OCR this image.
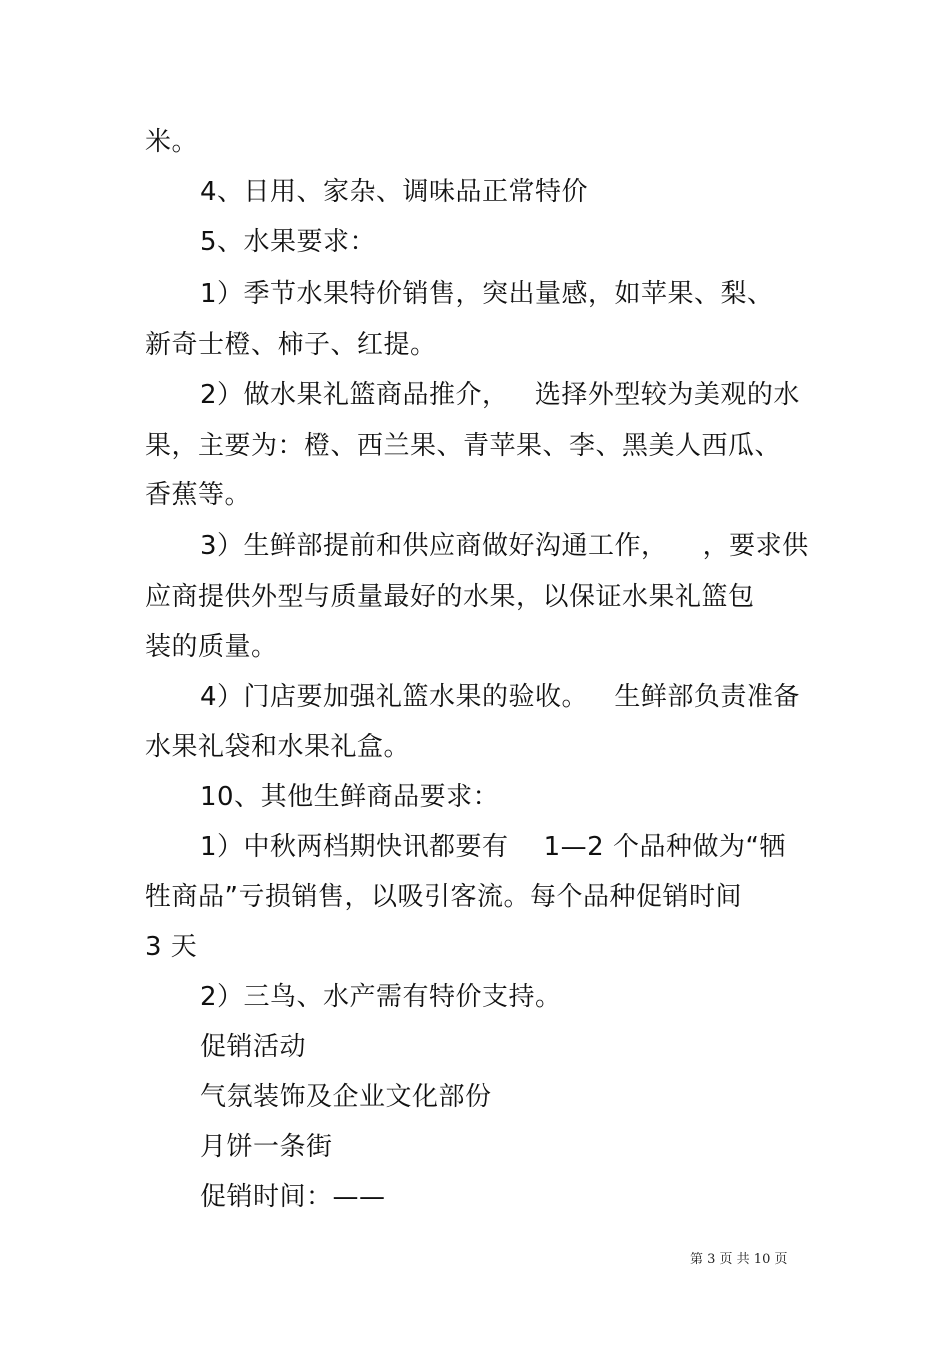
米。
4、日用、家杂、调味品正常特价
5、水果要求：
1）季节水果特价销售，突出量感，如苹果、梨、
新奇士橙、柿子、红提。
2）做水果礼篮商品推介，   选择外型较为美观的水
果，主要为：橙、西兰果、青苹果、李、黑美人西瓜、
香蕉等。
3）生鲜部提前和供应商做好沟通工作，    ，要求供
应商提供外型与质量最好的水果，以保证水果礼篮包
装的质量。
4）门店要加强礼篮水果的验收。   生鲜部负责准备
水果礼袋和水果礼盒。
10、其他生鲜商品要求：
1）中秋两档期快讯都要有    1—2 个品种做为“牺
牲商品”亏损销售，以吸引客流。每个品种促销时间
3 天
2）三鸟、水产需有特价支持。
促销活动
气氛装饰及企业文化部份
月饼一条街
促销时间：——
第 3 页 共 10 页
